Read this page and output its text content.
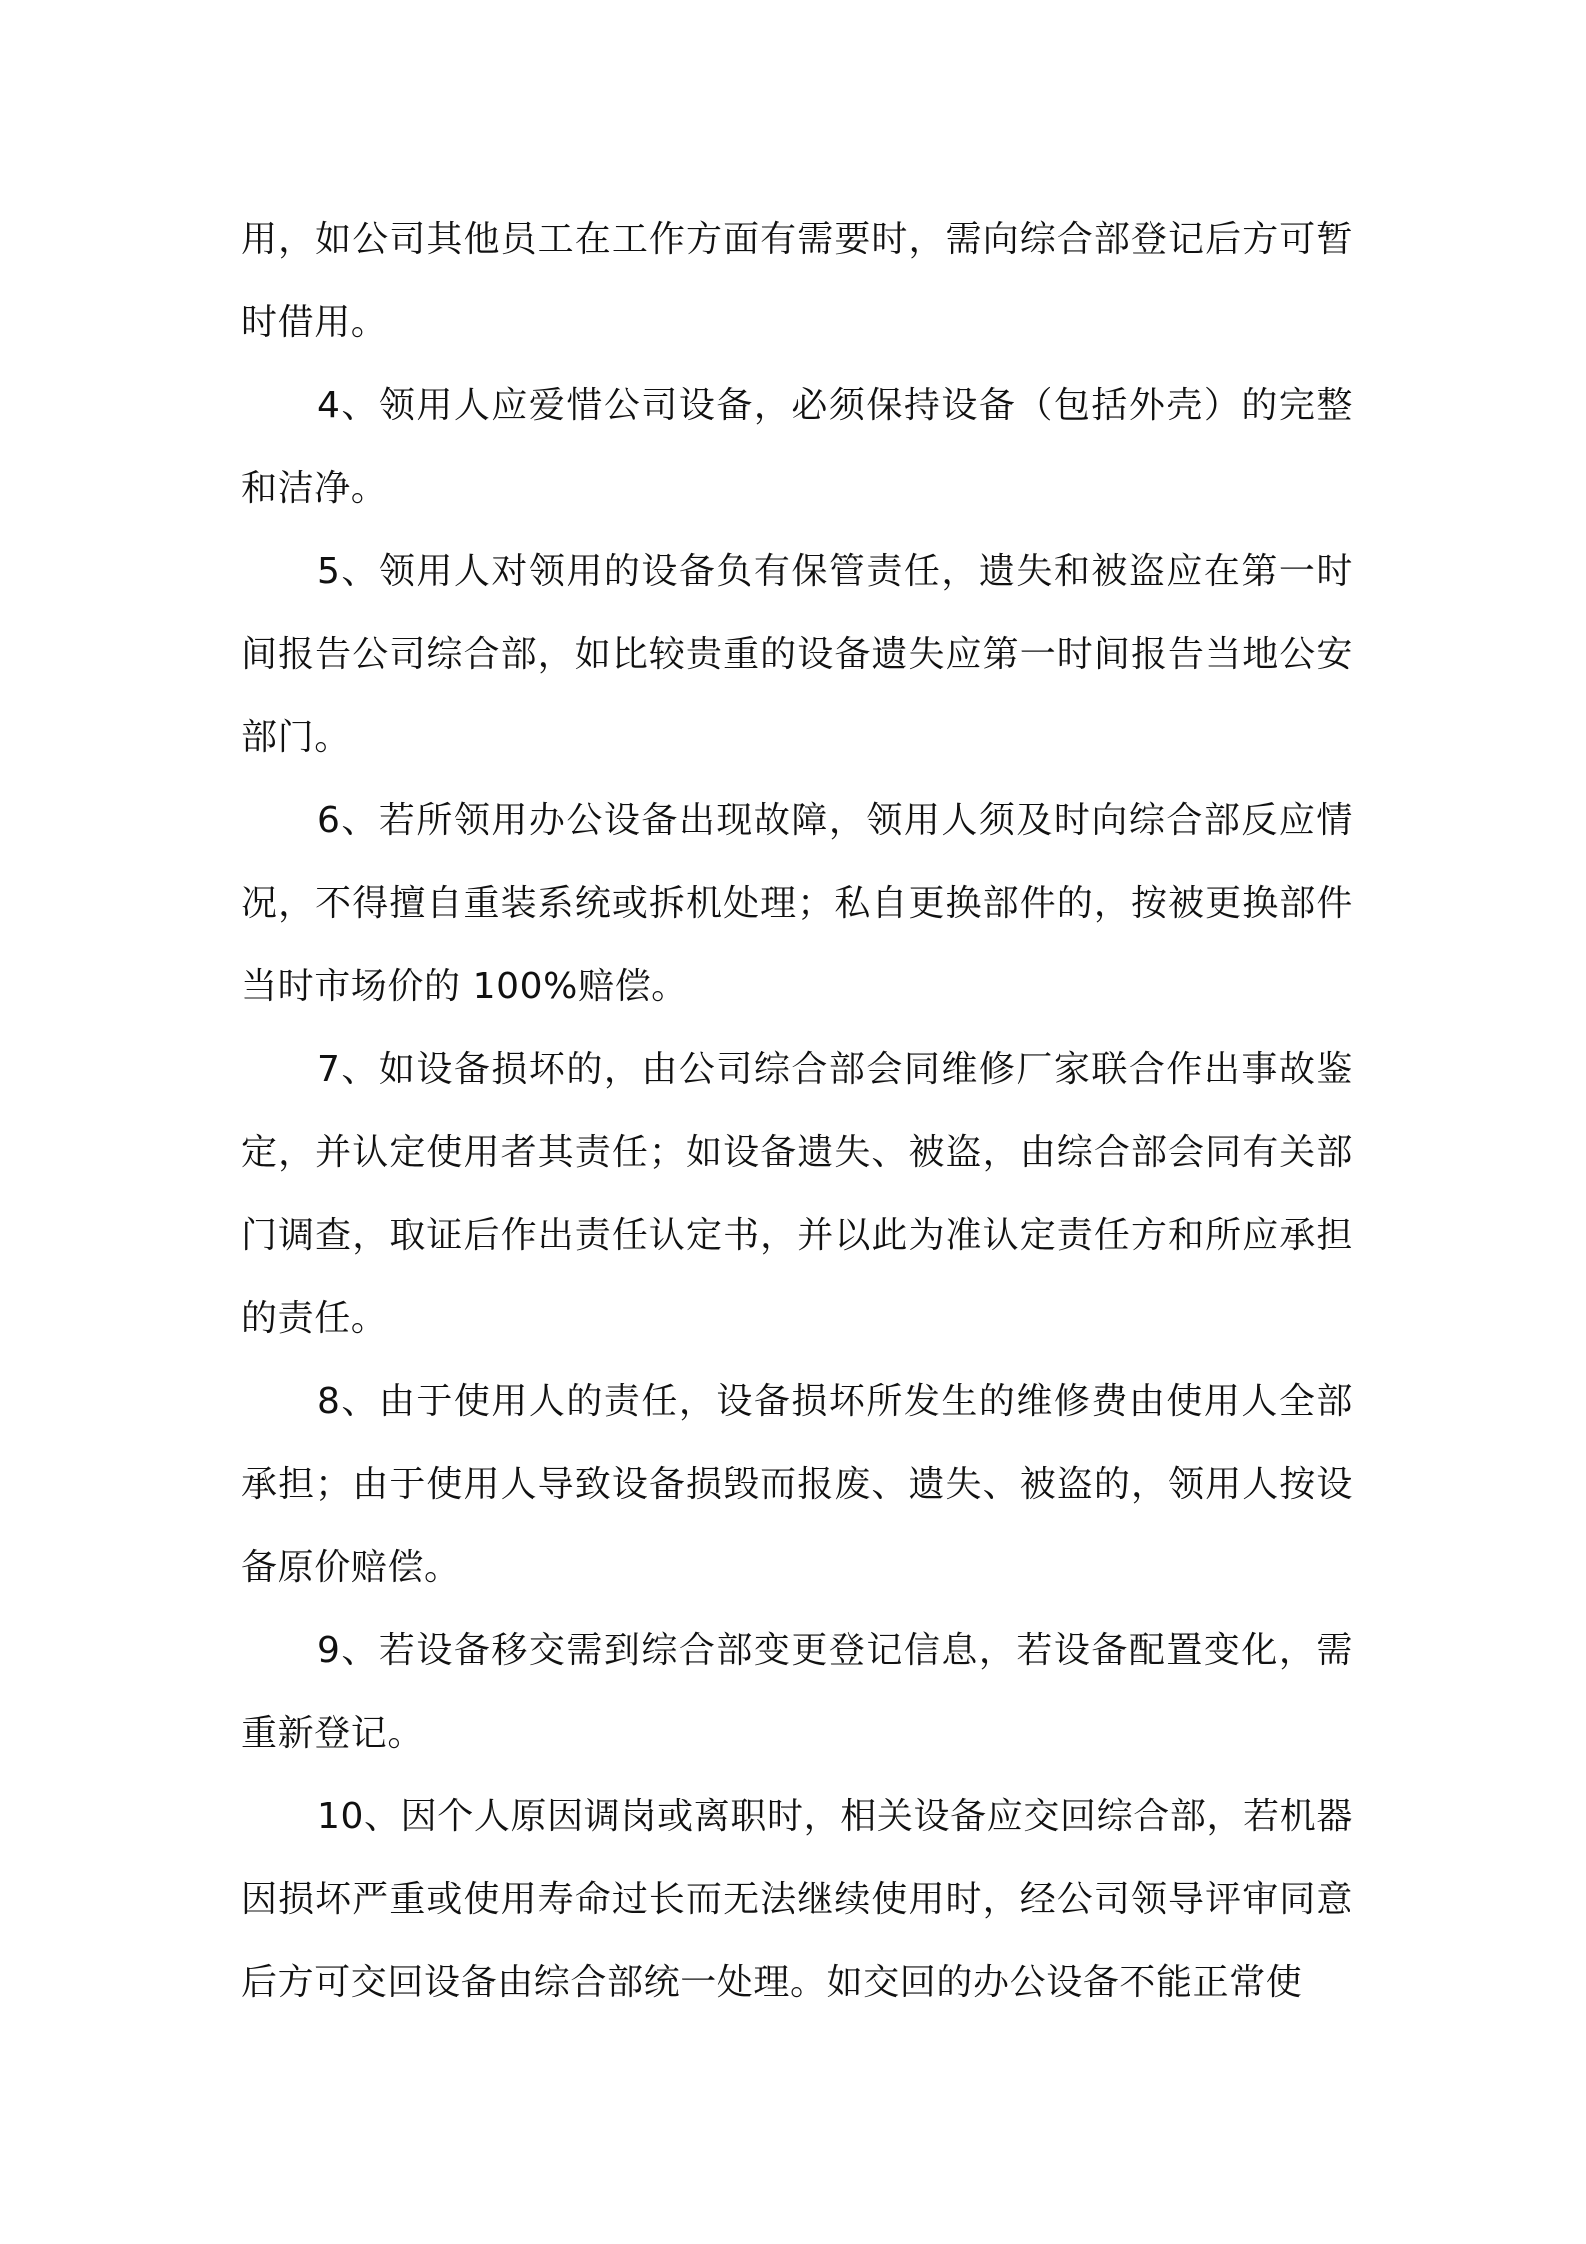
用，如公司其他员工在工作方面有需要时，需向综合部登记后方可暂时借用。

4、领用人应爱惜公司设备，必须保持设备（包括外壳）的完整和洁净。

5、领用人对领用的设备负有保管责任，遗失和被盗应在第一时间报告公司综合部，如比较贵重的设备遗失应第一时间报告当地公安部门。

6、若所领用办公设备出现故障，领用人须及时向综合部反应情况，不得擅自重装系统或拆机处理；私自更换部件的，按被更换部件当时市场价的 100%赔偿。

7、如设备损坏的，由公司综合部会同维修厂家联合作出事故鉴定，并认定使用者其责任；如设备遗失、被盗，由综合部会同有关部门调查，取证后作出责任认定书，并以此为准认定责任方和所应承担的责任。

8、由于使用人的责任，设备损坏所发生的维修费由使用人全部承担；由于使用人导致设备损毁而报废、遗失、被盗的，领用人按设备原价赔偿。

9、若设备移交需到综合部变更登记信息，若设备配置变化，需重新登记。

10、因个人原因调岗或离职时，相关设备应交回综合部，若机器因损坏严重或使用寿命过长而无法继续使用时，经公司领导评审同意后方可交回设备由综合部统一处理。如交回的办公设备不能正常使
